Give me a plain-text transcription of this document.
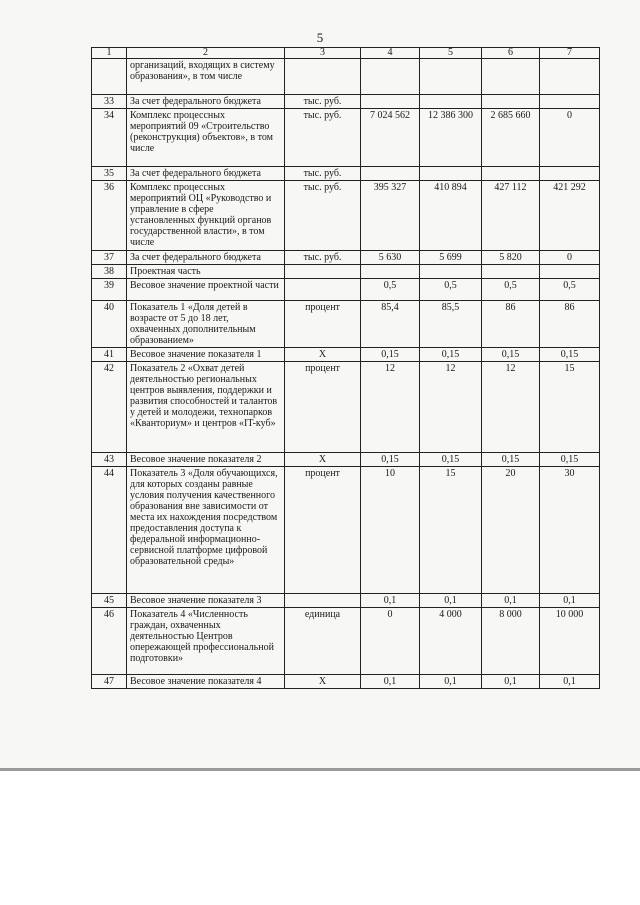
5
1	2	3	4	5	6	7
	организаций, входящих в систему образования», в том числе					
33	За счет федерального бюджета	тыс. руб.				
34	Комплекс процессных мероприятий 09 «Строительство (реконструкция) объектов», в том числе	тыс. руб.	7 024 562	12 386 300	2 685 660	0
35	За счет федерального бюджета	тыс. руб.				
36	Комплекс процессных мероприятий ОЦ «Руководство и управление в сфере установленных функций органов государственной власти», в том числе	тыс. руб.	395 327	410 894	427 112	421 292
37	За счет федерального бюджета	тыс. руб.	5 630	5 699	5 820	0
38	Проектная часть					
39	Весовое значение проектной части		0,5	0,5	0,5	0,5
40	Показатель 1 «Доля детей в возрасте от 5 до 18 лет, охваченных дополнительным образованием»	процент	85,4	85,5	86	86
41	Весовое значение показателя 1	X	0,15	0,15	0,15	0,15
42	Показатель 2 «Охват детей деятельностью региональных центров выявления, поддержки и развития способностей и талантов у детей и молодежи, технопарков «Кванториум» и центров «IT-куб»	процент	12	12	12	15
43	Весовое значение показателя 2	X	0,15	0,15	0,15	0,15
44	Показатель 3 «Доля обучающихся, для которых созданы равные условия получения качественного образования вне зависимости от места их нахождения посредством предоставления доступа к федеральной информационно-сервисной платформе цифровой образовательной среды»	процент	10	15	20	30
45	Весовое значение показателя 3		0,1	0,1	0,1	0,1
46	Показатель 4 «Численность граждан, охваченных деятельностью Центров опережающей профессиональной подготовки»	единица	0	4 000	8 000	10 000
47	Весовое значение показателя 4	X	0,1	0,1	0,1	0,1
